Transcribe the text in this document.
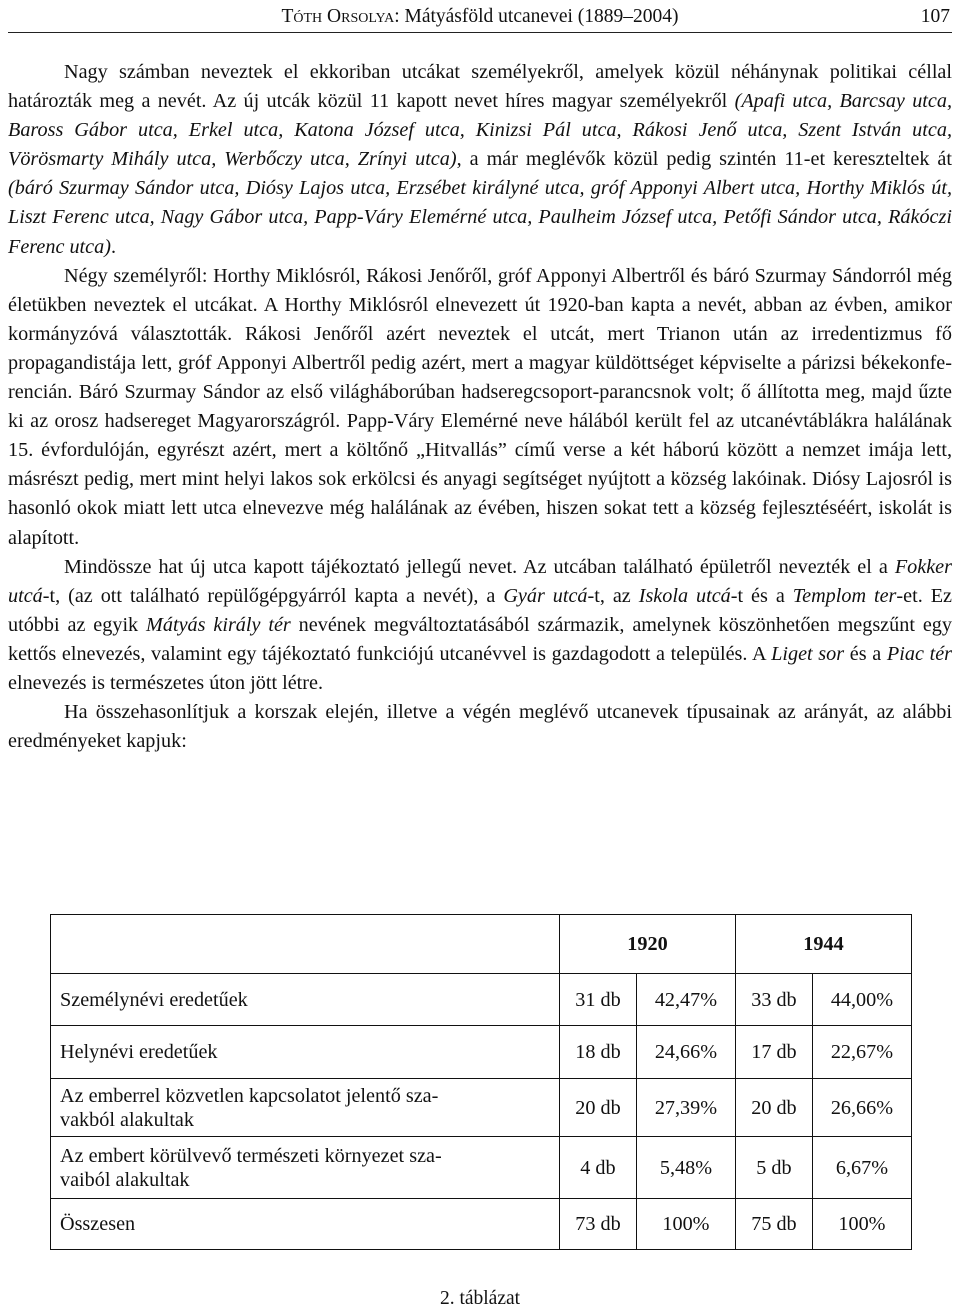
Tóth Orsolya: Mátyásföld utcanevei (1889–2004)	107

Nagy számban neveztek el ekkoriban utcákat személyekről, amelyek közül néhánynak politikai céllal határozták meg a nevét. Az új utcák közül 11 kapott nevet híres magyar személyekről (Apafi utca, Barcsay utca, Baross Gábor utca, Erkel utca, Katona József utca, Kinizsi Pál utca, Rákosi Jenő utca, Szent István utca, Vörösmarty Mihály utca, Werbőczy utca, Zrínyi utca), a már meglévők közül pedig szintén 11-et kereszteltek át (báró Szurmay Sándor utca, Diósy Lajos utca, Erzsébet királyné utca, gróf Apponyi Albert utca, Horthy Miklós út, Liszt Ferenc utca, Nagy Gábor utca, Papp-Váry Elemérné utca, Paulheim József utca, Petőfi Sándor utca, Rákóczi Ferenc utca).

Négy személyről: Horthy Miklósról, Rákosi Jenőről, gróf Apponyi Albertről és báró Szurmay Sándorról még életükben neveztek el utcákat. A Horthy Miklósról elnevezett út 1920-ban kapta a nevét, abban az évben, amikor kormányzóvá választották. Rákosi Jenőről azért neveztek el utcát, mert Trianon után az irredentizmus fő propagandistája lett, gróf Apponyi Albertről pedig azért, mert a magyar küldöttséget képviselte a párizsi békekonferencián. Báró Szurmay Sándor az első világháborúban hadseregcsoport-parancsnok volt; ő állította meg, majd űzte ki az orosz hadsereget Magyarországról. Papp-Váry Elemérné neve hálából került fel az utcanévtáblákra halálának 15. évfordulóján, egyrészt azért, mert a költőnő „Hitvallás” című verse a két háború között a nemzet imája lett, másrészt pedig, mert mint helyi lakos sok erkölcsi és anyagi segítséget nyújtott a község lakóinak. Diósy Lajosról is hasonló okok miatt lett utca elnevezve még halálának az évében, hiszen sokat tett a község fejlesztéséért, iskolát is alapított.

Mindössze hat új utca kapott tájékoztató jellegű nevet. Az utcában található épületről nevezték el a Fokker utcá-t, (az ott található repülőgépgyárról kapta a nevét), a Gyár utcá-t, az Iskola utcá-t és a Templom ter-et. Ez utóbbi az egyik Mátyás király tér nevének megváltoztatásából származik, amelynek köszönhetően megszűnt egy kettős elnevezés, valamint egy tájékoztató funkciójú utcanévvel is gazdagodott a település. A Liget sor és a Piac tér elnevezés is természetes úton jött létre.

Ha összehasonlítjuk a korszak elején, illetve a végén meglévő utcanevek típusainak az arányát, az alábbi eredményeket kapjuk:

	1920		1944	
Személynévi eredetűek	31 db	42,47%	33 db	44,00%
Helynévi eredetűek	18 db	24,66%	17 db	22,67%
Az emberrel közvetlen kapcsolatot jelentő sza-
vakból alakultak	20 db	27,39%	20 db	26,66%
Az embert körülvevő természeti környezet sza-
vaiból alakultak	4 db	5,48%	5 db	6,67%
Összesen	73 db	100%	75 db	100%
2. táblázat
